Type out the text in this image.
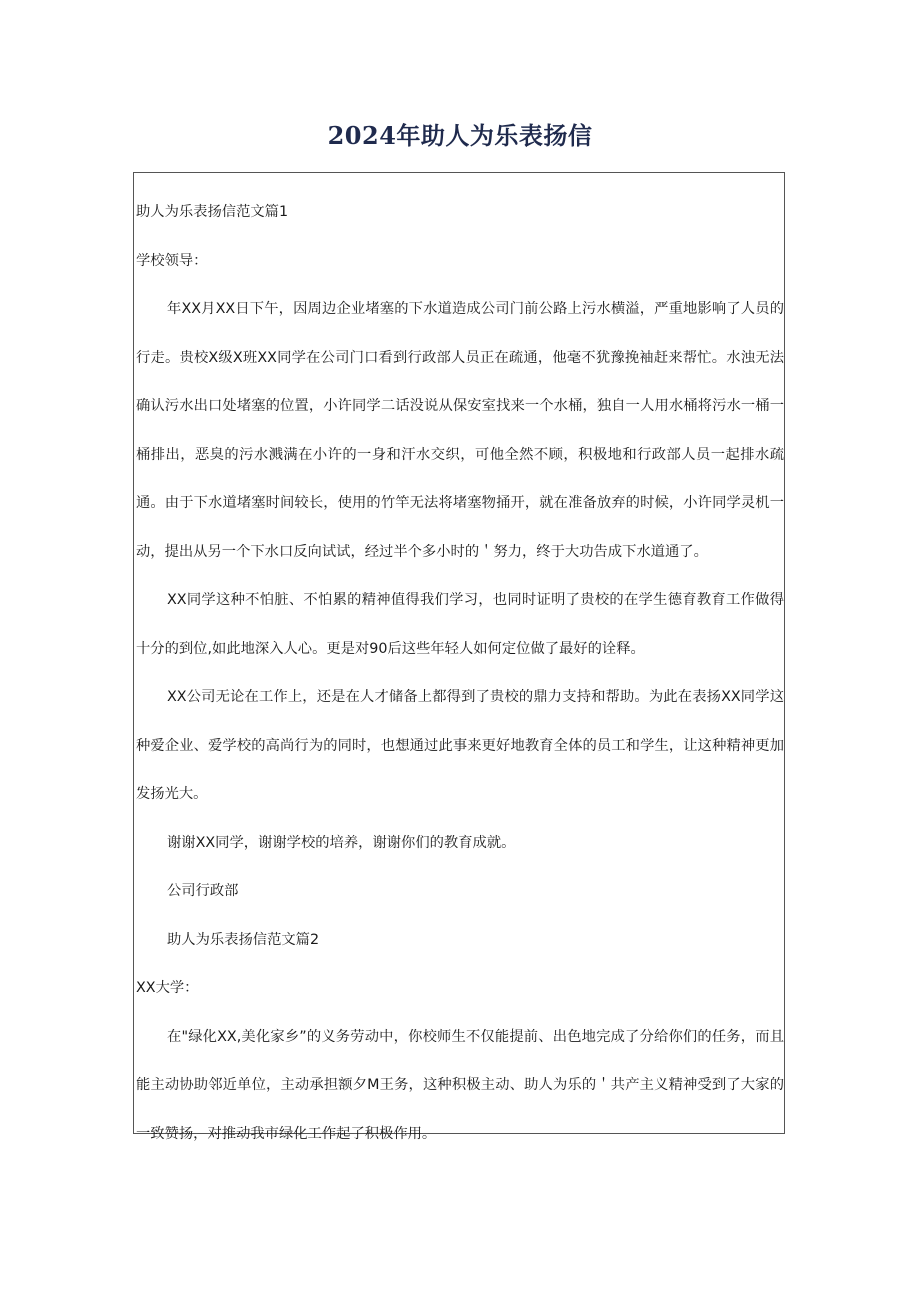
2024年助人为乐表扬信

助人为乐表扬信范文篇1

学校领导：

年XX月XX日下午，因周边企业堵塞的下水道造成公司门前公路上污水横溢，严重地影响了人员的行走。贵校X级X班XX同学在公司门口看到行政部人员正在疏通，他毫不犹豫挽袖赶来帮忙。水浊无法确认污水出口处堵塞的位置，小许同学二话没说从保安室找来一个水桶，独自一人用水桶将污水一桶一桶排出，恶臭的污水溅满在小许的一身和汗水交织，可他全然不顾，积极地和行政部人员一起排水疏通。由于下水道堵塞时间较长，使用的竹竿无法将堵塞物捅开，就在准备放弃的时候，小许同学灵机一动，提出从另一个下水口反向试试，经过半个多小时的＇努力，终于大功告成下水道通了。

XX同学这种不怕脏、不怕累的精神值得我们学习，也同时证明了贵校的在学生德育教育工作做得十分的到位,如此地深入人心。更是对90后这些年轻人如何定位做了最好的诠释。

XX公司无论在工作上，还是在人才储备上都得到了贵校的鼎力支持和帮助。为此在表扬XX同学这种爱企业、爱学校的高尚行为的同时，也想通过此事来更好地教育全体的员工和学生，让这种精神更加发扬光大。

谢谢XX同学，谢谢学校的培养，谢谢你们的教育成就。

公司行政部

助人为乐表扬信范文篇2

XX大学：

在"绿化XX,美化家乡”的义务劳动中，你校师生不仅能提前、出色地完成了分给你们的任务，而且能主动协助邻近单位，主动承担额夕M王务，这种积极主动、助人为乐的＇共产主义精神受到了大家的一致赞扬，对推动我市绿化工作起了积极作用。
